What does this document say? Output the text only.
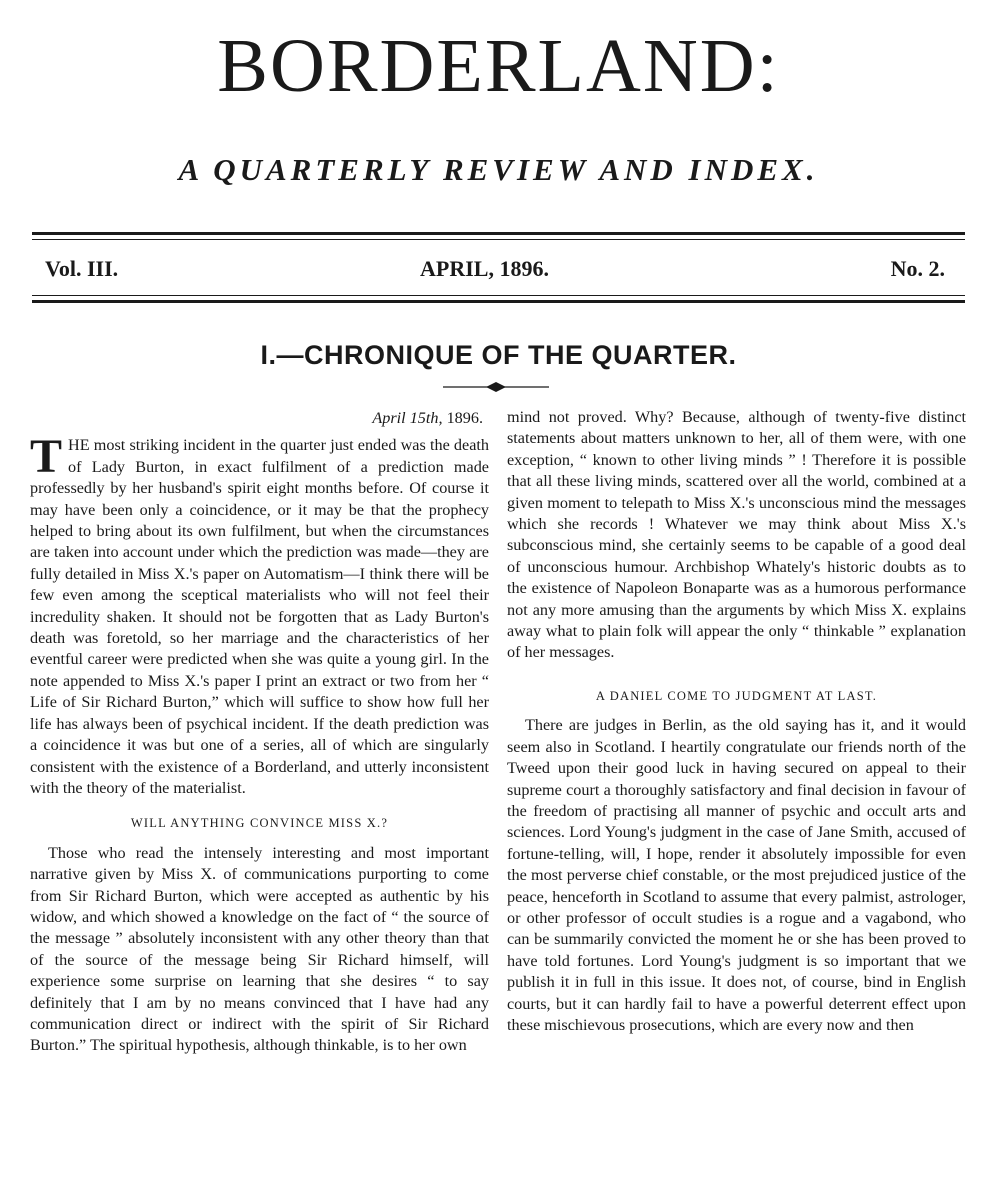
BORDERLAND:
A QUARTERLY REVIEW AND INDEX.
Vol. III.	APRIL, 1896.	No. 2.
I.—CHRONIQUE OF THE QUARTER.
April 15th, 1896.

THE most striking incident in the quarter just ended was the death of Lady Burton, in exact fulfilment of a prediction made professedly by her husband's spirit eight months before. Of course it may have been only a coincidence, or it may be that the prophecy helped to bring about its own fulfilment, but when the circumstances are taken into account under which the prediction was made—they are fully detailed in Miss X.'s paper on Automatism—I think there will be few even among the sceptical materialists who will not feel their incredulity shaken. It should not be forgotten that as Lady Burton's death was foretold, so her marriage and the characteristics of her eventful career were predicted when she was quite a young girl. In the note appended to Miss X.'s paper I print an extract or two from her “ Life of Sir Richard Burton,” which will suffice to show how full her life has always been of psychical incident. If the death prediction was a coincidence it was but one of a series, all of which are singularly consistent with the existence of a Borderland, and utterly inconsistent with the theory of the materialist.

WILL ANYTHING CONVINCE MISS X.?

Those who read the intensely interesting and most important narrative given by Miss X. of communications purporting to come from Sir Richard Burton, which were accepted as authentic by his widow, and which showed a knowledge on the fact of “ the source of the message ” absolutely inconsistent with any other theory than that of the source of the message being Sir Richard himself, will experience some surprise on learning that she desires “ to say definitely that I am by no means convinced that I have had any communication direct or indirect with the spirit of Sir Richard Burton.” The spiritual hypothesis, although thinkable, is to her own

mind not proved. Why? Because, although of twenty-five distinct statements about matters unknown to her, all of them were, with one exception, “ known to other living minds ” ! Therefore it is possible that all these living minds, scattered over all the world, combined at a given moment to telepath to Miss X.'s unconscious mind the messages which she records ! Whatever we may think about Miss X.'s subconscious mind, she certainly seems to be capable of a good deal of unconscious humour. Archbishop Whately's historic doubts as to the existence of Napoleon Bonaparte was as a humorous performance not any more amusing than the arguments by which Miss X. explains away what to plain folk will appear the only “ thinkable ” explanation of her messages.

A DANIEL COME TO JUDGMENT AT LAST.

There are judges in Berlin, as the old saying has it, and it would seem also in Scotland. I heartily congratulate our friends north of the Tweed upon their good luck in having secured on appeal to their supreme court a thoroughly satisfactory and final decision in favour of the freedom of practising all manner of psychic and occult arts and sciences. Lord Young's judgment in the case of Jane Smith, accused of fortune-telling, will, I hope, render it absolutely impossible for even the most perverse chief constable, or the most prejudiced justice of the peace, henceforth in Scotland to assume that every palmist, astrologer, or other professor of occult studies is a rogue and a vagabond, who can be summarily convicted the moment he or she has been proved to have told fortunes. Lord Young's judgment is so important that we publish it in full in this issue. It does not, of course, bind in English courts, but it can hardly fail to have a powerful deterrent effect upon these mischievous prosecutions, which are every now and then
